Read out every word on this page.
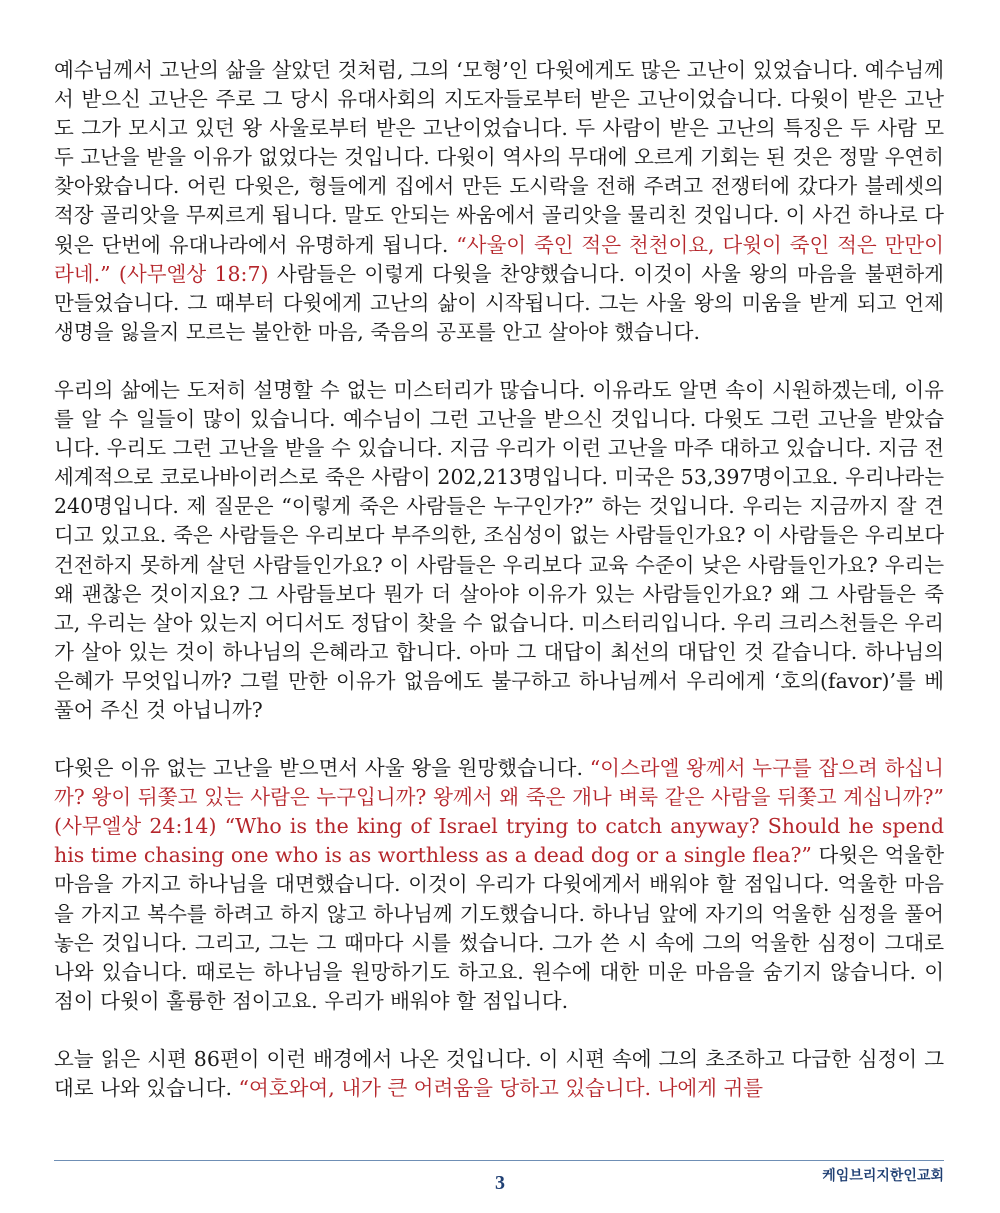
예수님께서 고난의 삶을 살았던 것처럼, 그의 ‘모형’인 다윗에게도 많은 고난이 있었습니다. 예수님께서 받으신 고난은 주로 그 당시 유대사회의 지도자들로부터 받은 고난이었습니다. 다윗이 받은 고난도 그가 모시고 있던 왕 사울로부터 받은 고난이었습니다. 두 사람이 받은 고난의 특징은 두 사람 모두 고난을 받을 이유가 없었다는 것입니다. 다윗이 역사의 무대에 오르게 기회는 된 것은 정말 우연히 찾아왔습니다. 어린 다윗은, 형들에게 집에서 만든 도시락을 전해 주려고 전쟁터에 갔다가 블레셋의 적장 골리앗을 무찌르게 됩니다. 말도 안되는 싸움에서 골리앗을 물리친 것입니다. 이 사건 하나로 다윗은 단번에 유대나라에서 유명하게 됩니다. “사울이 죽인 적은 천천이요, 다윗이 죽인 적은 만만이라네.” (사무엘상 18:7) 사람들은 이렇게 다윗을 찬양했습니다. 이것이 사울 왕의 마음을 불편하게 만들었습니다. 그 때부터 다윗에게 고난의 삶이 시작됩니다. 그는 사울 왕의 미움을 받게 되고 언제 생명을 잃을지 모르는 불안한 마음, 죽음의 공포를 안고 살아야 했습니다.

우리의 삶에는 도저히 설명할 수 없는 미스터리가 많습니다. 이유라도 알면 속이 시원하겠는데, 이유를 알 수 일들이 많이 있습니다. 예수님이 그런 고난을 받으신 것입니다. 다윗도 그런 고난을 받았습니다. 우리도 그런 고난을 받을 수 있습니다. 지금 우리가 이런 고난을 마주 대하고 있습니다. 지금 전 세계적으로 코로나바이러스로 죽은 사람이 202,213명입니다. 미국은 53,397명이고요. 우리나라는 240명입니다. 제 질문은 “이렇게 죽은 사람들은 누구인가?” 하는 것입니다. 우리는 지금까지 잘 견디고 있고요. 죽은 사람들은 우리보다 부주의한, 조심성이 없는 사람들인가요? 이 사람들은 우리보다 건전하지 못하게 살던 사람들인가요? 이 사람들은 우리보다 교육 수준이 낮은 사람들인가요? 우리는 왜 괜찮은 것이지요? 그 사람들보다 뭔가 더 살아야 이유가 있는 사람들인가요? 왜 그 사람들은 죽고, 우리는 살아 있는지 어디서도 정답이 찾을 수 없습니다. 미스터리입니다. 우리 크리스천들은 우리가 살아 있는 것이 하나님의 은혜라고 합니다. 아마 그 대답이 최선의 대답인 것 같습니다. 하나님의 은혜가 무엇입니까? 그럴 만한 이유가 없음에도 불구하고 하나님께서 우리에게 ‘호의(favor)’를 베풀어 주신 것 아닙니까?

다윗은 이유 없는 고난을 받으면서 사울 왕을 원망했습니다. “이스라엘 왕께서 누구를 잡으려 하십니까? 왕이 뒤쫓고 있는 사람은 누구입니까? 왕께서 왜 죽은 개나 벼룩 같은 사람을 뒤쫓고 계십니까?” (사무엘상 24:14) “Who is the king of Israel trying to catch anyway? Should he spend his time chasing one who is as worthless as a dead dog or a single flea?” 다윗은 억울한 마음을 가지고 하나님을 대면했습니다. 이것이 우리가 다윗에게서 배워야 할 점입니다. 억울한 마음을 가지고 복수를 하려고 하지 않고 하나님께 기도했습니다. 하나님 앞에 자기의 억울한 심정을 풀어 놓은 것입니다. 그리고, 그는 그 때마다 시를 썼습니다. 그가 쓴 시 속에 그의 억울한 심정이 그대로 나와 있습니다. 때로는 하나님을 원망하기도 하고요. 원수에 대한 미운 마음을 숨기지 않습니다. 이 점이 다윗이 훌륭한 점이고요. 우리가 배워야 할 점입니다.

오늘 읽은 시편 86편이 이런 배경에서 나온 것입니다. 이 시편 속에 그의 초조하고 다급한 심정이 그대로 나와 있습니다. “여호와여, 내가 큰 어려움을 당하고 있습니다. 나에게 귀를

케임브리지한인교회
3
